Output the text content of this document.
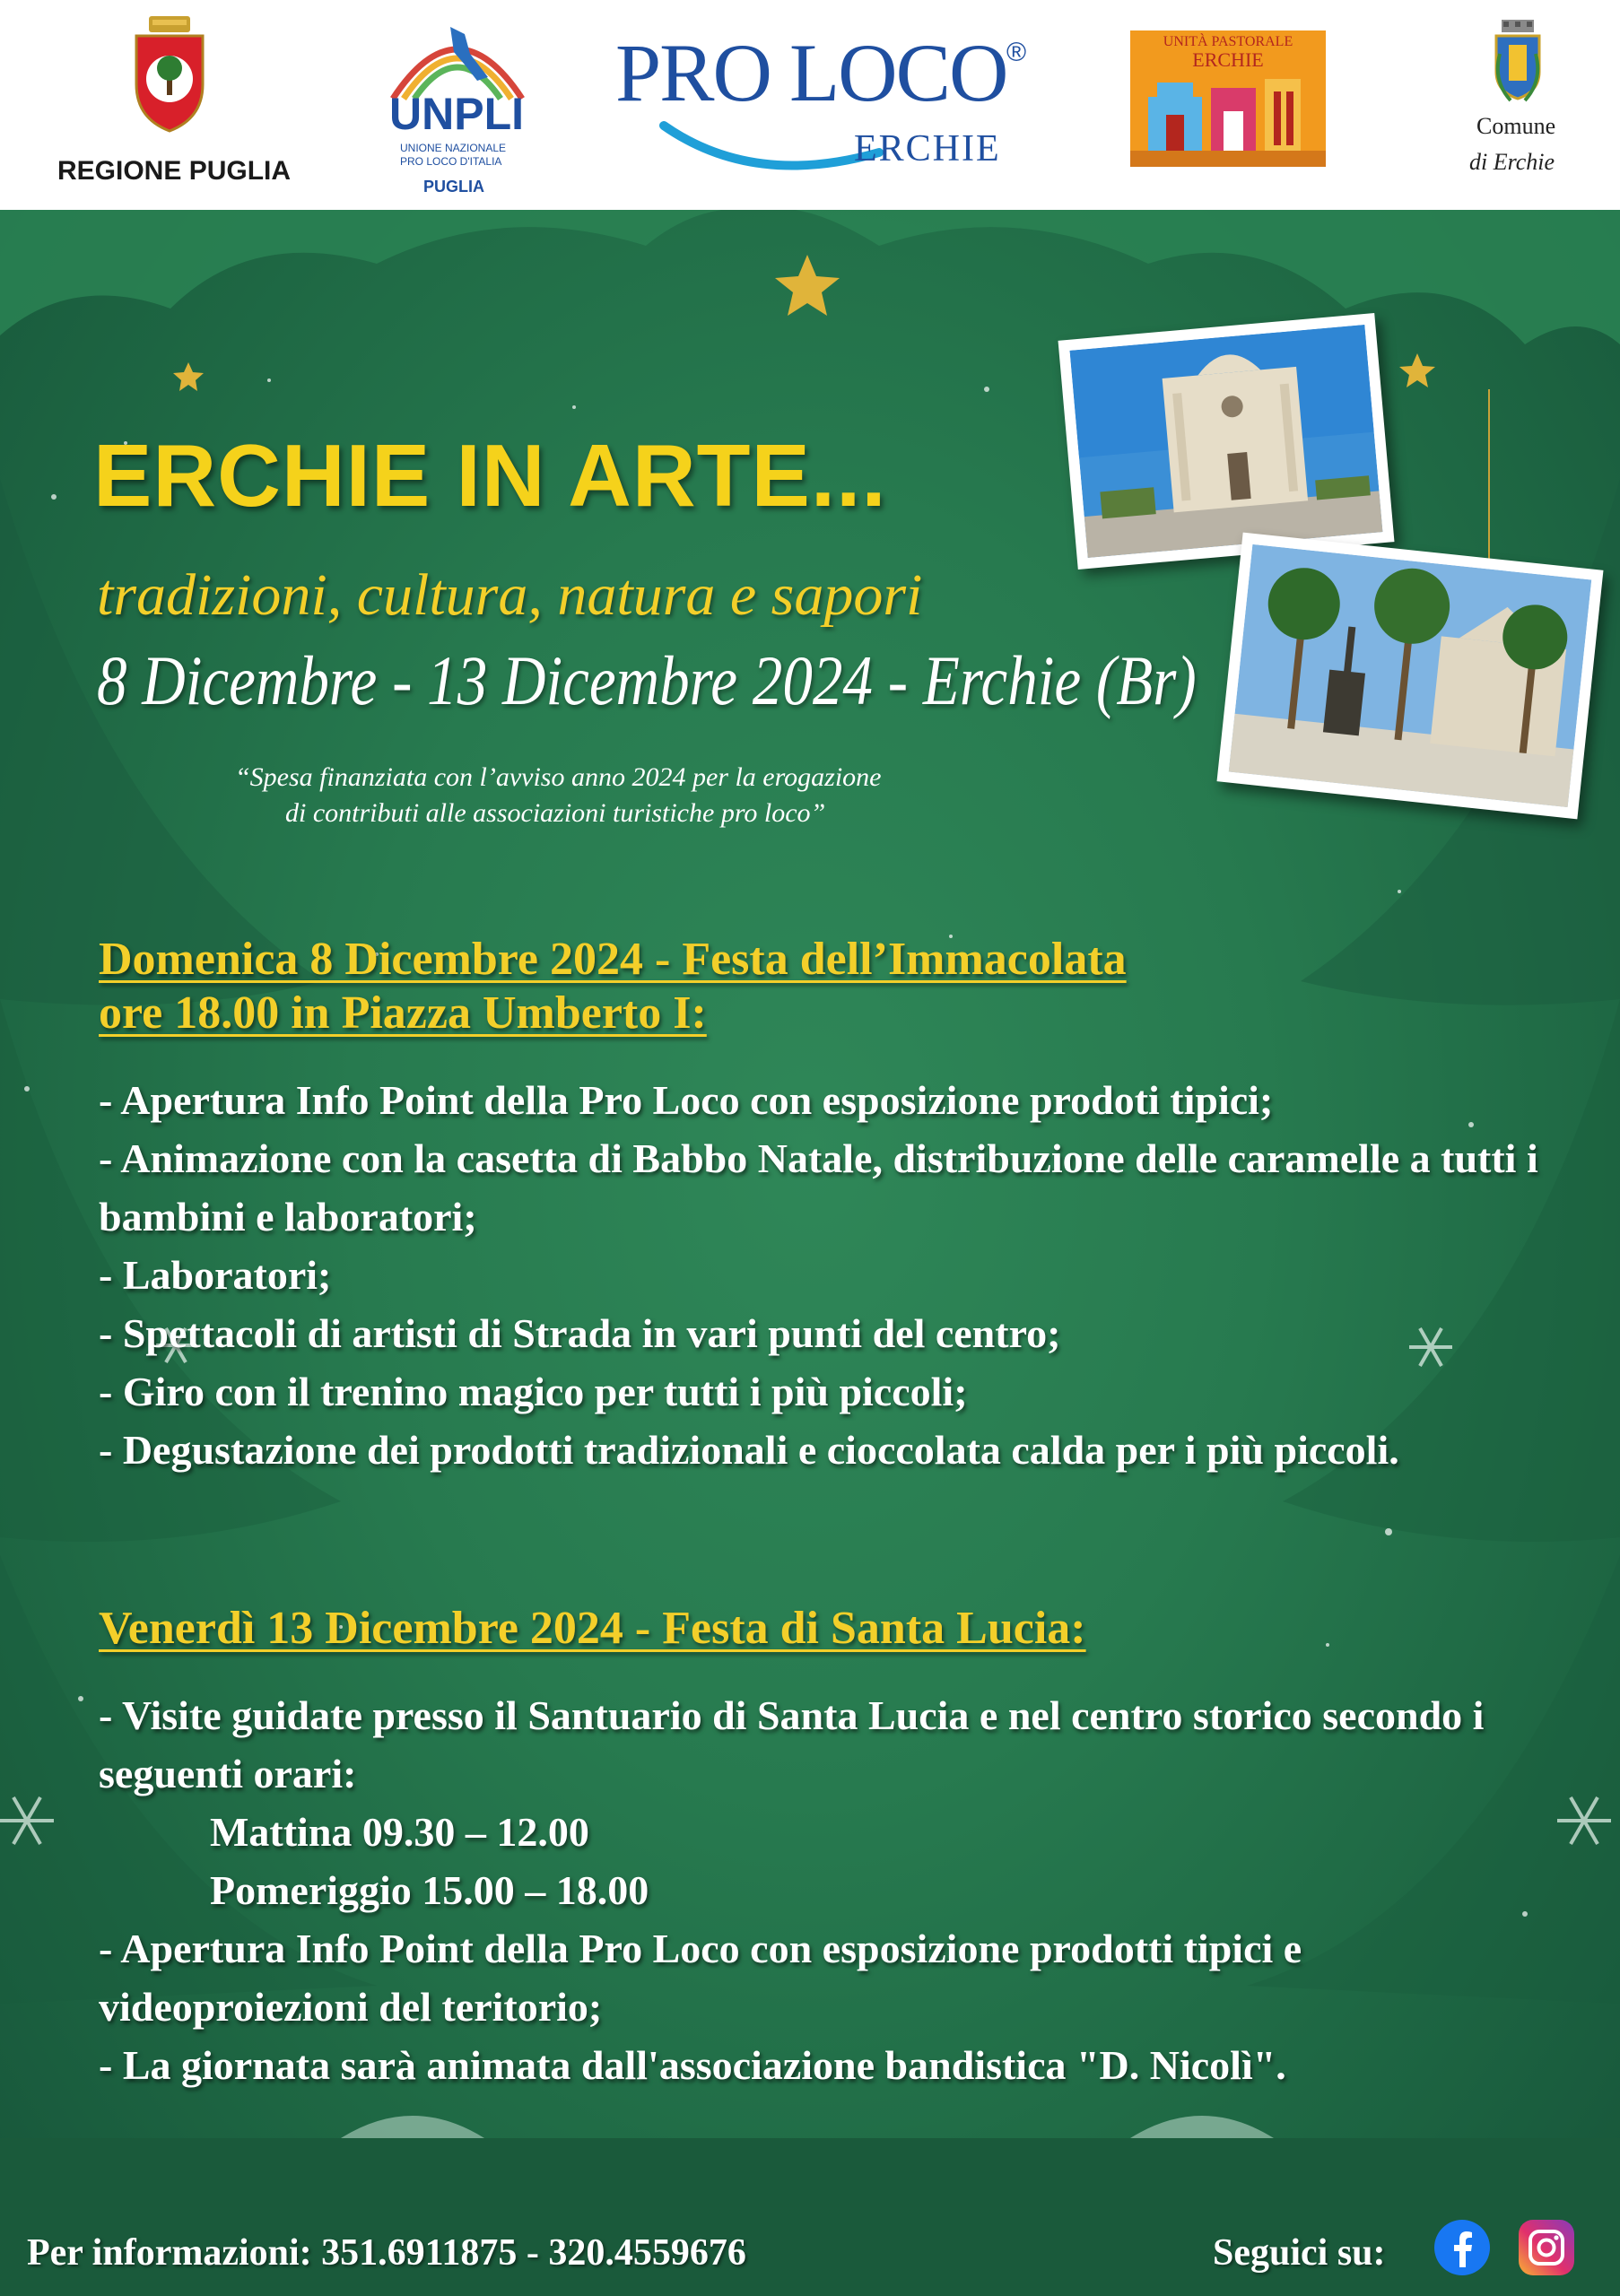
REGIONE PUGLIA
UNPLI
UNIONE NAZIONALE
PRO LOCO D'ITALIA
PUGLIA
PRO LOCO ®
ERCHIE
UNITÀ PASTORALE
ERCHIE
Comune
di Erchie
ERCHIE IN ARTE...
tradizioni, cultura, natura e sapori
8 Dicembre - 13 Dicembre 2024 - Erchie (Br)
“Spesa finanziata con l’avviso anno 2024 per la erogazione
di contributi alle associazioni turistiche pro loco”
Domenica 8 Dicembre 2024 - Festa dell’Immacolata
ore 18.00 in Piazza Umberto I:

- Apertura Info Point della Pro Loco con esposizione prodoti tipici;

- Animazione con la casetta di Babbo Natale, distribuzione delle caramelle a tutti i bambini e laboratori;

- Laboratori;

- Spettacoli di artisti di Strada in vari punti del centro;

- Giro con il trenino magico per tutti i più piccoli;

- Degustazione dei prodotti tradizionali e cioccolata calda per i più piccoli.

Venerdì 13 Dicembre 2024 - Festa di Santa Lucia:

- Visite guidate presso il Santuario di Santa Lucia e nel centro storico secondo i seguenti orari:

Mattina 09.30 – 12.00

Pomeriggio 15.00 – 18.00

- Apertura Info Point della Pro Loco con esposizione prodotti tipici e videoproiezioni del teritorio;

- La giornata sarà animata dall'associazione bandistica "D. Nicolì".

Per informazioni: 351.6911875 - 320.4559676	Seguici su:
